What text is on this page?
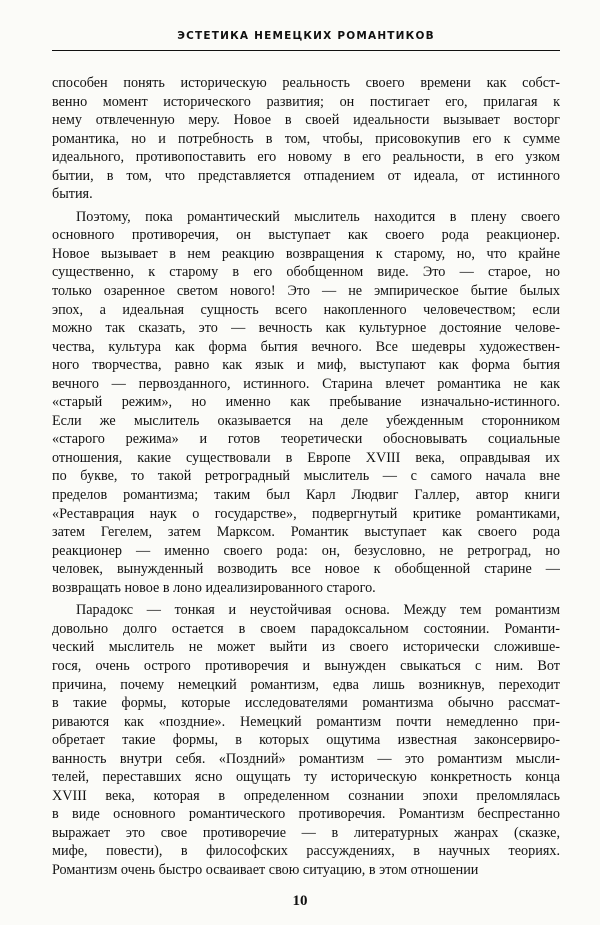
ЭСТЕТИКА НЕМЕЦКИХ РОМАНТИКОВ
способен понять историческую реальность своего времени как собст-
венно момент исторического развития; он постигает его, прилагая к
нему отвлеченную меру. Новое в своей идеальности вызывает восторг
романтика, но и потребность в том, чтобы, присовокупив его к сумме
идеального, противопоставить его новому в его реальности, в его узком
бытии, в том, что представляется отпадением от идеала, от истинного
бытия.
Поэтому, пока романтический мыслитель находится в плену своего
основного противоречия, он выступает как своего рода реакционер.
Новое вызывает в нем реакцию возвращения к старому, но, что крайне
существенно, к старому в его обобщенном виде. Это — старое, но
только озаренное светом нового! Это — не эмпирическое бытие былых
эпох, а идеальная сущность всего накопленного человечеством; если
можно так сказать, это — вечность как культурное достояние челове-
чества, культура как форма бытия вечного. Все шедевры художествен-
ного творчества, равно как язык и миф, выступают как форма бытия
вечного — первозданного, истинного. Старина влечет романтика не как
«старый режим», но именно как пребывание изначально-истинного.
Если же мыслитель оказывается на деле убежденным сторонником
«старого режима» и готов теоретически обосновывать социальные
отношения, какие существовали в Европе XVIII века, оправдывая их
по букве, то такой ретроградный мыслитель — с самого начала вне
пределов романтизма; таким был Карл Людвиг Галлер, автор книги
«Реставрация наук о государстве», подвергнутый критике романтиками,
затем Гегелем, затем Марксом. Романтик выступает как своего рода
реакционер — именно своего рода: он, безусловно, не ретроград, но
человек, вынужденный возводить все новое к обобщенной старине —
возвращать новое в лоно идеализированного старого.
Парадокс — тонкая и неустойчивая основа. Между тем романтизм
довольно долго остается в своем парадоксальном состоянии. Романти-
ческий мыслитель не может выйти из своего исторически сложивше-
гося, очень острого противоречия и вынужден свыкаться с ним. Вот
причина, почему немецкий романтизм, едва лишь возникнув, переходит
в такие формы, которые исследователями романтизма обычно рассмат-
риваются как «поздние». Немецкий романтизм почти немедленно при-
обретает такие формы, в которых ощутима известная законсервиро-
ванность внутри себя. «Поздний» романтизм — это романтизм мысли-
телей, переставших ясно ощущать ту историческую конкретность конца
XVIII века, которая в определенном сознании эпохи преломлялась
в виде основного романтического противоречия. Романтизм беспрестанно
выражает это свое противоречие — в литературных жанрах (сказке,
мифе, повести), в философских рассуждениях, в научных теориях.
Романтизм очень быстро осваивает свою ситуацию, в этом отношении
10
